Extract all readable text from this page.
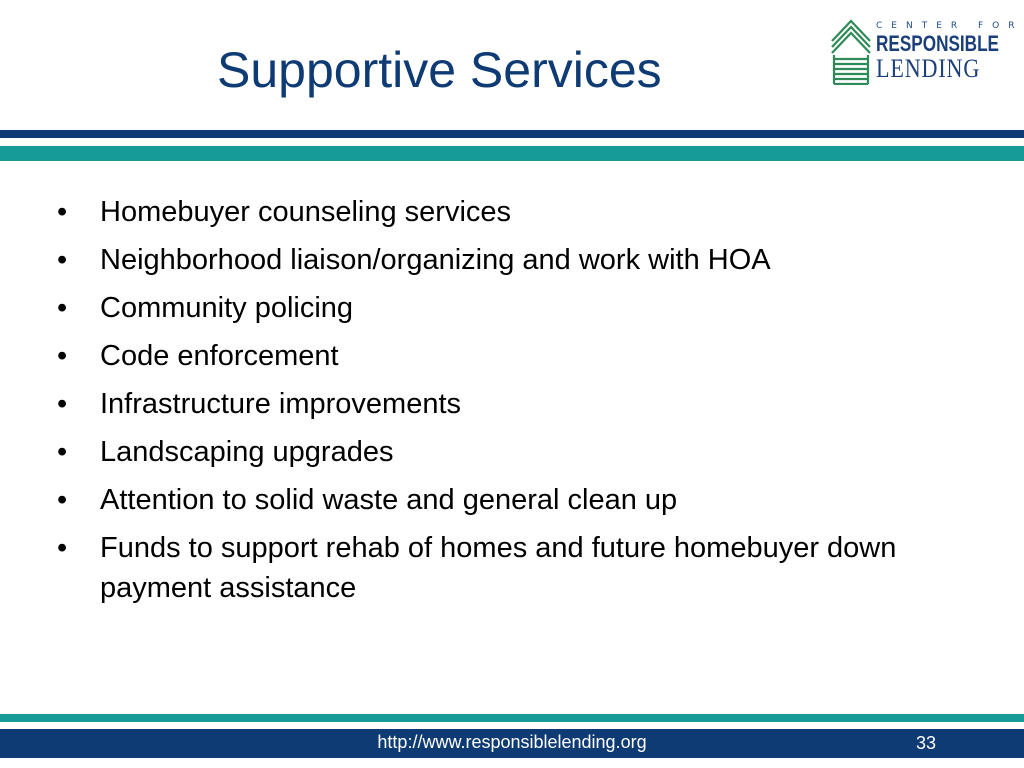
Supportive Services
CENTER FOR
RESPONSIBLE
LENDING
• Homebuyer counseling services
• Neighborhood liaison/organizing and work with HOA
• Community policing
• Code enforcement
• Infrastructure improvements
• Landscaping upgrades
• Attention to solid waste and general clean up
• Funds to support rehab of homes and future homebuyer down payment assistance
http://www.responsiblelending.org	33
